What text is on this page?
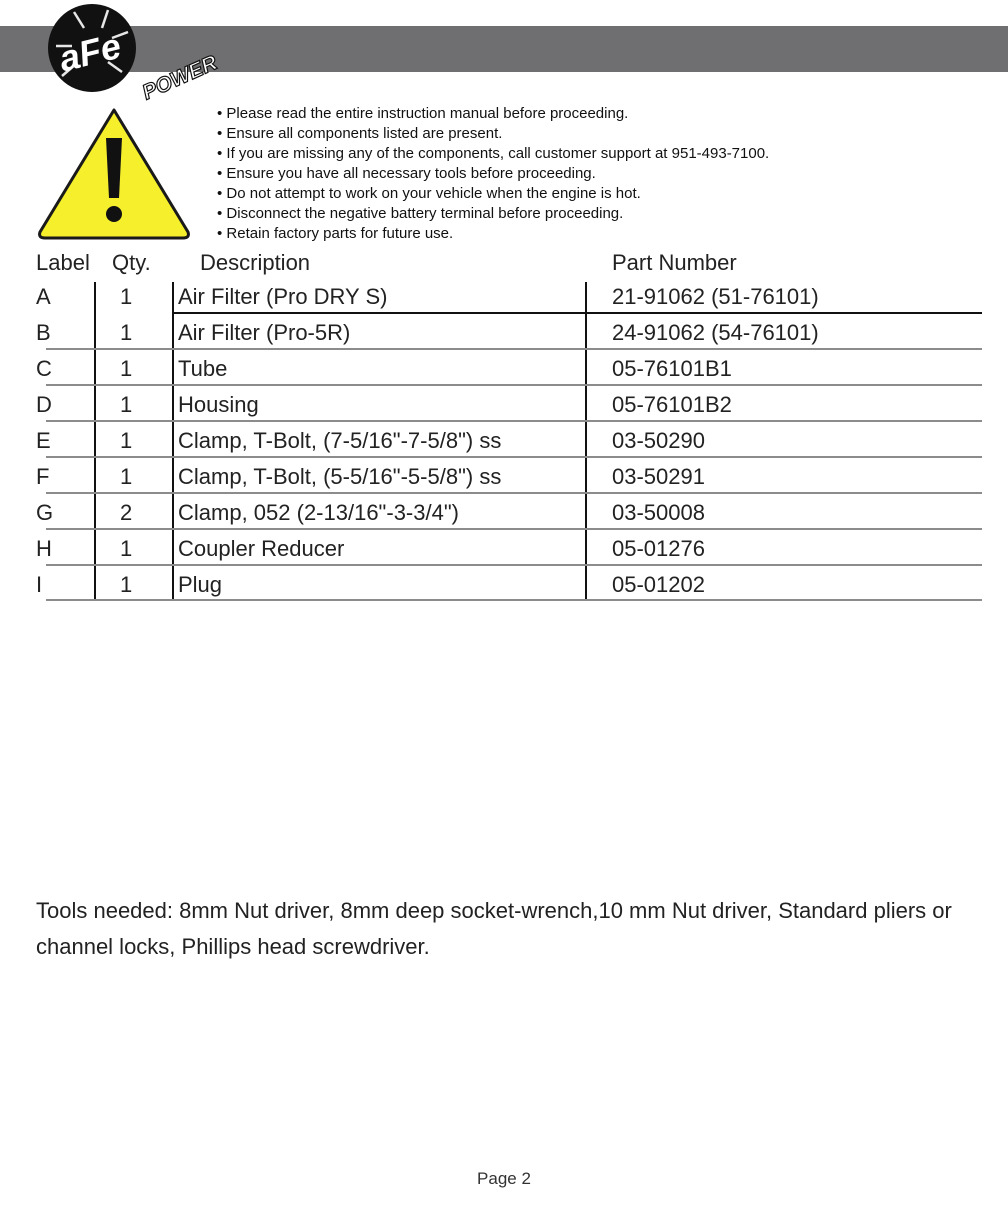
aFe POWER
• Please read the entire instruction manual before proceeding.
• Ensure all components listed are present.
• If you are missing any of the components, call customer support at 951-493-7100.
• Ensure you have all necessary tools before proceeding.
• Do not attempt to work on your vehicle when the engine is hot.
• Disconnect the negative battery terminal before proceeding.
• Retain factory parts for future use.
Label Qty. Description	Part Number
A	1 Air Filter (Pro DRY S)	21-91062 (51-76101)
B	1 Air Filter (Pro-5R)	24-91062 (54-76101)
C	1 Tube	05-76101B1
D	1 Housing	05-76101B2
E	1 Clamp, T-Bolt, (7-5/16"-7-5/8") ss	03-50290
F	1 Clamp, T-Bolt, (5-5/16"-5-5/8") ss	03-50291
G	2 Clamp, 052 (2-13/16"-3-3/4")	03-50008
H	1 Coupler Reducer	05-01276
I	1 Plug	05-01202

Tools needed: 8mm Nut driver, 8mm deep socket-wrench,10 mm Nut driver, Standard pliers or channel locks, Phillips head screwdriver.

Page 2
